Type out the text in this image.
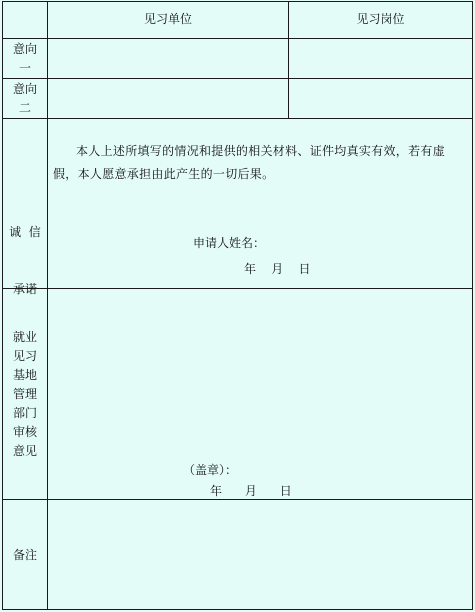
见习单位	见习岗位
意向
一
意向
二

诚  信

承诺

本人上述所填写的情况和提供的相关材料、证件均真实有效，若有虚
假，本人愿意承担由此产生的一切后果。
申请人姓名：
年    月    日
就业
见习
基地
管理
部门
审核
意见
（盖章）：
年      月      日
备注
